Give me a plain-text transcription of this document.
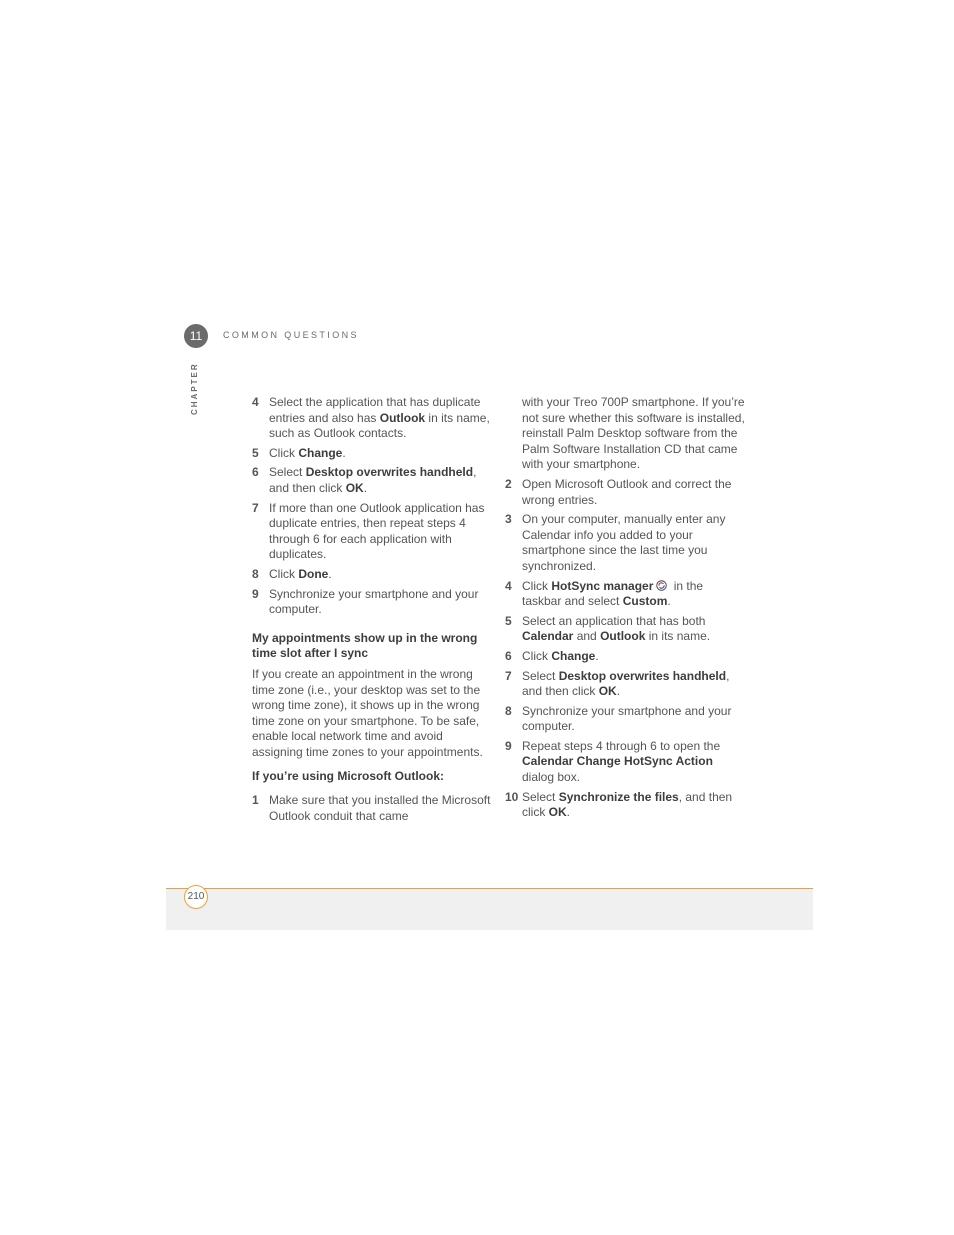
11	COMMON QUESTIONS
CHAPTER	4 Select the application that has duplicate entries and also has Outlook in its name, such as Outlook contacts.
5 Click Change.
6 Select Desktop overwrites handheld, and then click OK.
7 If more than one Outlook application has duplicate entries, then repeat steps 4 through 6 for each application with duplicates.
8 Click Done.
9 Synchronize your smartphone and your computer.

My appointments show up in the wrong time slot after I sync

If you create an appointment in the wrong time zone (i.e., your desktop was set to the wrong time zone), it shows up in the wrong time zone on your smartphone. To be safe, enable local network time and avoid assigning time zones to your appointments.

If you’re using Microsoft Outlook:

1 Make sure that you installed the Microsoft Outlook conduit that came

with your Treo 700P smartphone. If you’re not sure whether this software is installed, reinstall Palm Desktop software from the Palm Software Installation CD that came with your smartphone.

2 Open Microsoft Outlook and correct the wrong entries.
3 On your computer, manually enter any Calendar info you added to your smartphone since the last time you synchronized.
4 Click HotSync manager in the taskbar and select Custom.
5 Select an application that has both Calendar and Outlook in its name.
6 Click Change.
7 Select Desktop overwrites handheld, and then click OK.
8 Synchronize your smartphone and your computer.
9 Repeat steps 4 through 6 to open the Calendar Change HotSync Action dialog box.
10 Select Synchronize the files, and then click OK.
210
